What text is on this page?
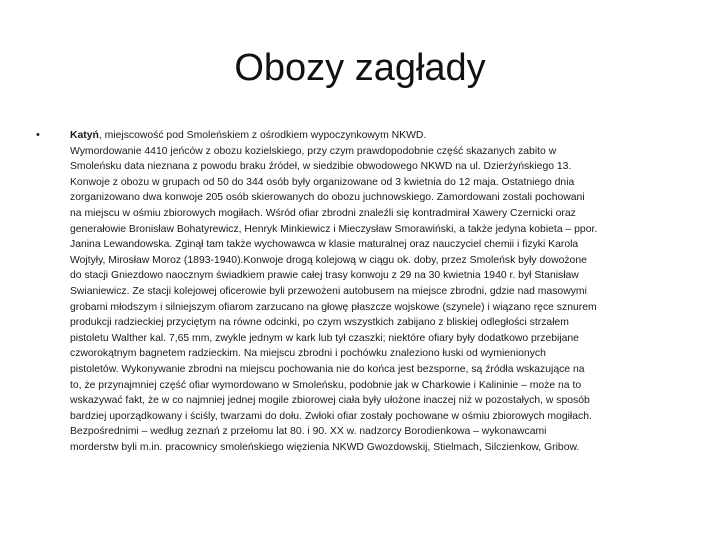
Obozy zagłady
•	Katyń, miejscowość pod Smoleńskiem z ośrodkiem wypoczynkowym NKWD.
Wymordowanie 4410 jeńców z obozu kozielskiego, przy czym prawdopodobnie część skazanych zabito w
Smoleńsku data nieznana z powodu braku źródeł, w siedzibie obwodowego NKWD na ul. Dzierżyńskiego 13.
Konwoje z obozu w grupach od 50 do 344 osób były organizowane od 3 kwietnia do 12 maja. Ostatniego dnia
zorganizowano dwa konwoje 205 osób skierowanych do obozu juchnowskiego. Zamordowani zostali pochowani
na miejscu w ośmiu zbiorowych mogiłach. Wśród ofiar zbrodni znaleźli się kontradmirał Xawery Czernicki oraz
generałowie Bronisław Bohatyrewicz, Henryk Minkiewicz i Mieczysław Smorawiński, a także jedyna kobieta – ppor.
Janina Lewandowska. Zginął tam także wychowawca w klasie maturalnej oraz nauczyciel chemii i fizyki Karola
Wojtyły, Mirosław Moroz (1893-1940).Konwoje drogą kolejową w ciągu ok. doby, przez Smoleńsk były dowożone
do stacji Gniezdowo naocznym świadkiem prawie całej trasy konwoju z 29 na 30 kwietnia 1940 r. był Stanisław
Swianiewicz. Ze stacji kolejowej oficerowie byli przewożeni autobusem na miejsce zbrodni, gdzie nad masowymi
grobami młodszym i silniejszym ofiarom zarzucano na głowę płaszcze wojskowe (szynele) i wiązano ręce sznurem
produkcji radzieckiej przyciętym na równe odcinki, po czym wszystkich zabijano z bliskiej odległości strzałem
pistoletu Walther kal. 7,65 mm, zwykle jednym w kark lub tył czaszki; niektóre ofiary były dodatkowo przebijane
czworokątnym bagnetem radzieckim. Na miejscu zbrodni i pochówku znaleziono łuski od wymienionych
pistoletów. Wykonywanie zbrodni na miejscu pochowania nie do końca jest bezsporne, są źródła wskazujące na
to, że przynajmniej część ofiar wymordowano w Smoleńsku, podobnie jak w Charkowie i Kalininie – może na to
wskazywać fakt, że w co najmniej jednej mogile zbiorowej ciała były ułożone inaczej niż w pozostałych, w sposób
bardziej uporządkowany i ściśly, twarzami do dołu. Zwłoki ofiar zostały pochowane w ośmiu zbiorowych mogiłach.
Bezpośrednimi – według zeznań z przełomu lat 80. i 90. XX w. nadzorcy Borodienkowa – wykonawcami
morderstw byli m.in. pracownicy smoleńskiego więzienia NKWD Gwozdowskij, Stielmach, Silczienkow, Gribow.
